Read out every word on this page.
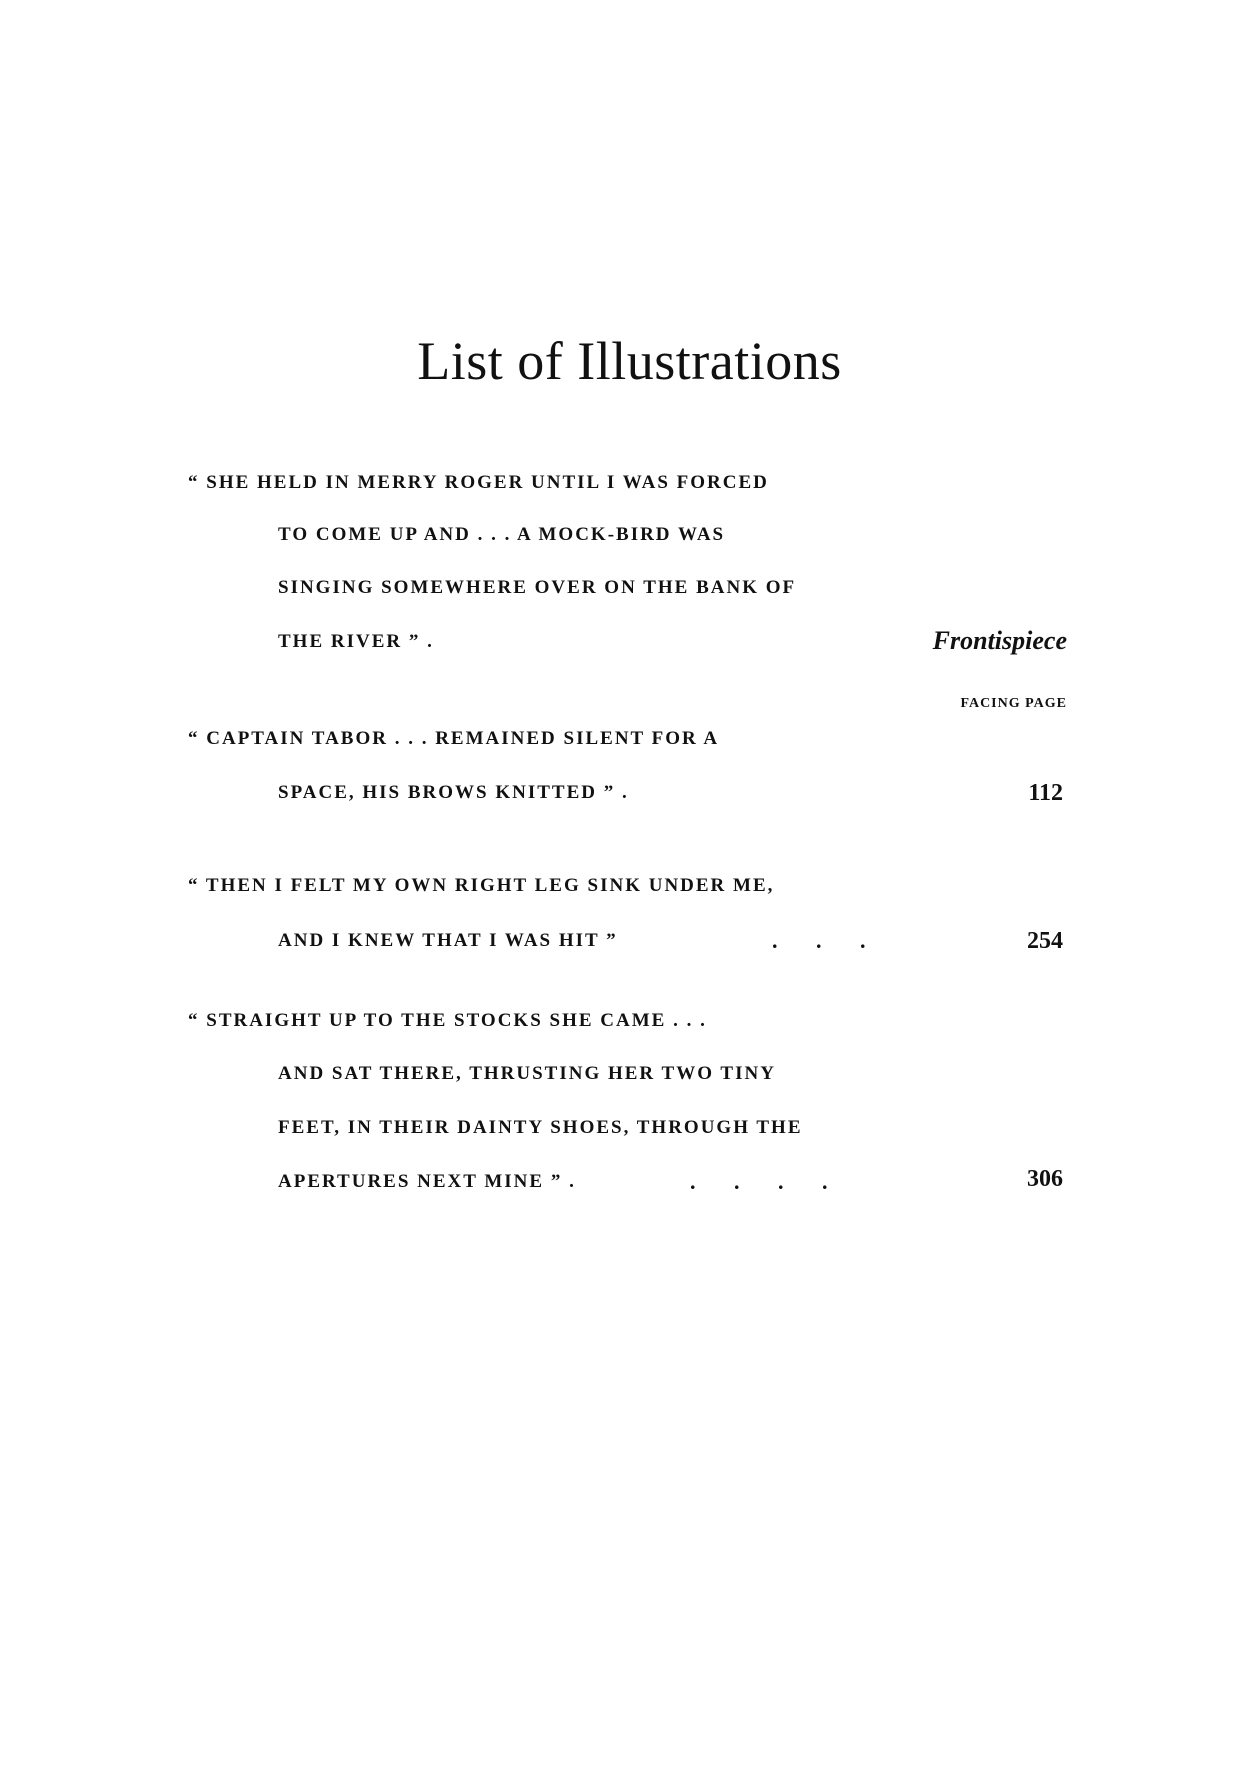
List of Illustrations
“ SHE HELD IN MERRY ROGER UNTIL I WAS FORCED
TO COME UP AND . . . A MOCK-BIRD WAS
SINGING SOMEWHERE OVER ON THE BANK OF
THE RIVER ” .	Frontispiece
FACING PAGE
“ CAPTAIN TABOR . . . REMAINED SILENT FOR A
SPACE, HIS BROWS KNITTED ” .	112
“ THEN I FELT MY OWN RIGHT LEG SINK UNDER ME,
AND I KNEW THAT I WAS HIT ”	.       .       .	254
“ STRAIGHT UP TO THE STOCKS SHE CAME . . .
AND SAT THERE, THRUSTING HER TWO TINY
FEET, IN THEIR DAINTY SHOES, THROUGH THE
APERTURES NEXT MINE ” .	.       .       .       .	306
